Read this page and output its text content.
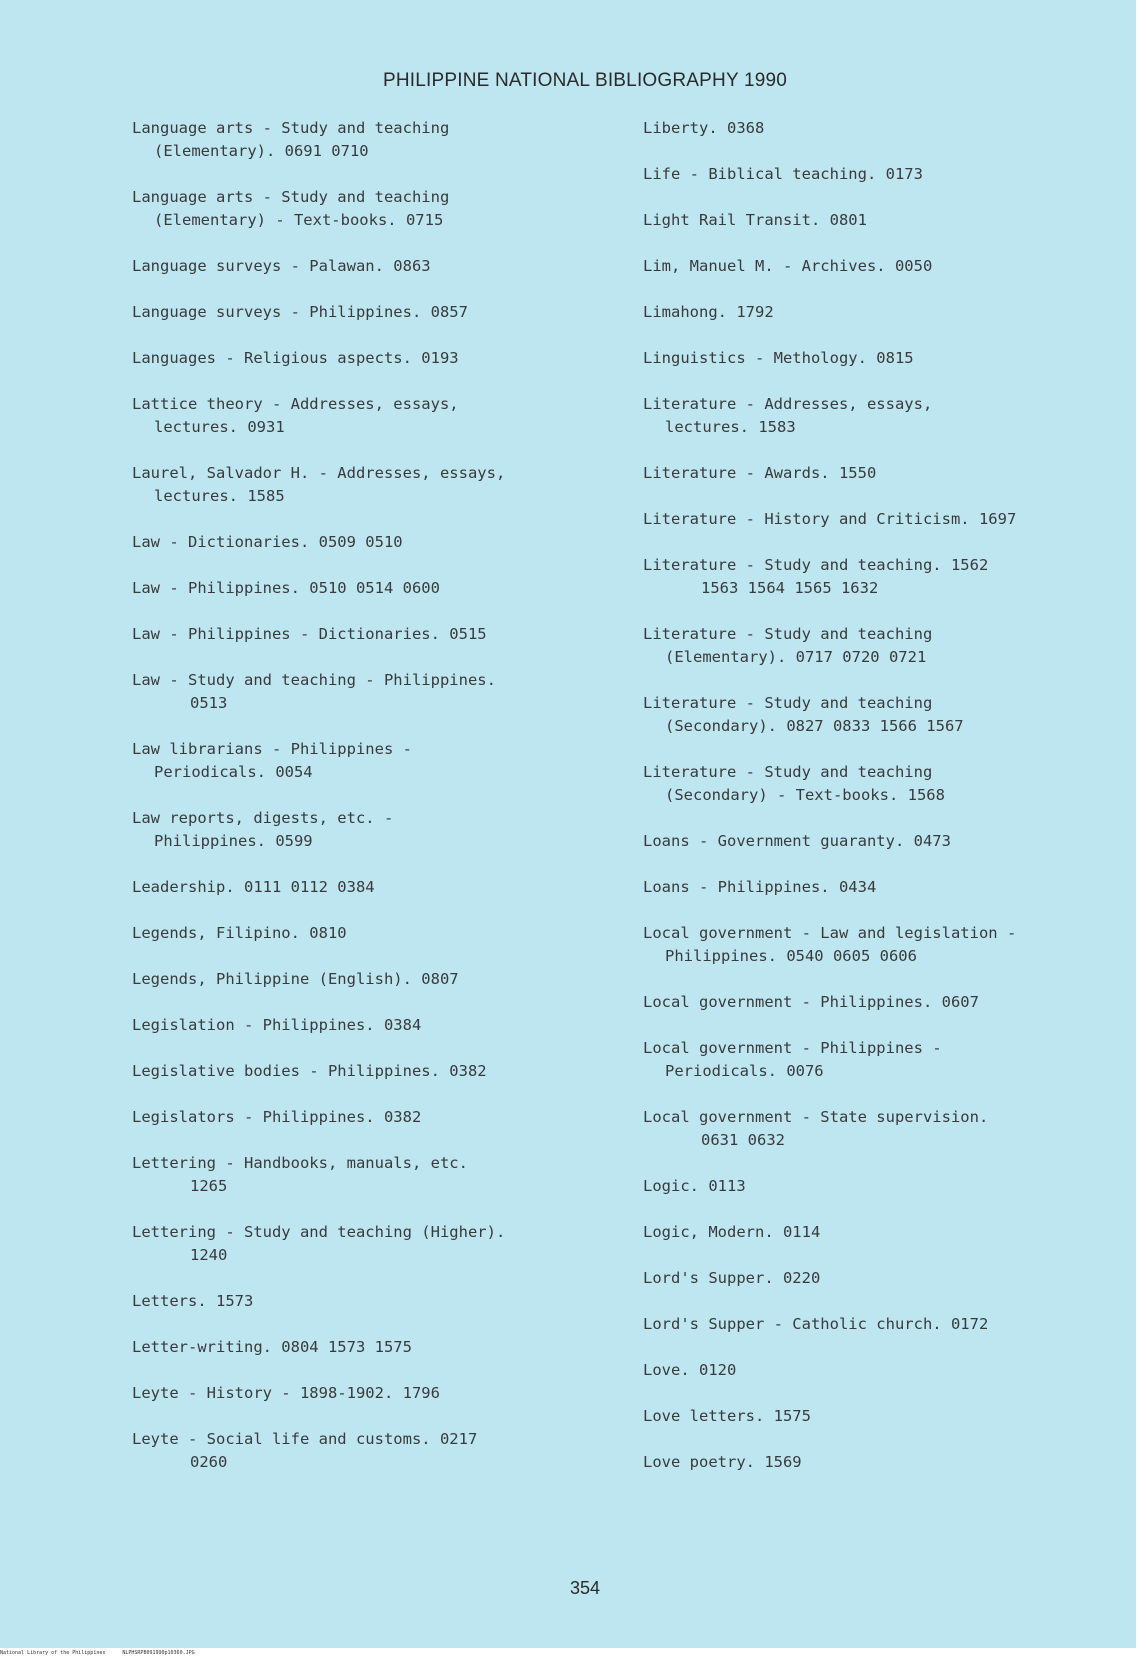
PHILIPPINE NATIONAL BIBLIOGRAPHY 1990
Language arts - Study and teaching
(Elementary). 0691 0710
Language arts - Study and teaching
(Elementary) - Text-books. 0715
Language surveys - Palawan. 0863
Language surveys - Philippines. 0857
Languages - Religious aspects. 0193
Lattice theory - Addresses, essays,
lectures. 0931
Laurel, Salvador H. - Addresses, essays,
lectures. 1585
Law - Dictionaries. 0509 0510
Law - Philippines. 0510 0514 0600
Law - Philippines - Dictionaries. 0515
Law - Study and teaching - Philippines.
0513
Law librarians - Philippines -
Periodicals. 0054
Law reports, digests, etc. -
Philippines. 0599
Leadership. 0111 0112 0384
Legends, Filipino. 0810
Legends, Philippine (English). 0807
Legislation - Philippines. 0384
Legislative bodies - Philippines. 0382
Legislators - Philippines. 0382
Lettering - Handbooks, manuals, etc.
1265
Lettering - Study and teaching (Higher).
1240
Letters. 1573
Letter-writing. 0804 1573 1575
Leyte - History - 1898-1902. 1796
Leyte - Social life and customs. 0217
0260
Liberty. 0368
Life - Biblical teaching. 0173
Light Rail Transit. 0801
Lim, Manuel M. - Archives. 0050
Limahong. 1792
Linguistics - Methology. 0815
Literature - Addresses, essays,
lectures. 1583
Literature - Awards. 1550
Literature - History and Criticism. 1697
Literature - Study and teaching. 1562
1563 1564 1565 1632
Literature - Study and teaching
(Elementary). 0717 0720 0721
Literature - Study and teaching
(Secondary). 0827 0833 1566 1567
Literature - Study and teaching
(Secondary) - Text-books. 1568
Loans - Government guaranty. 0473
Loans - Philippines. 0434
Local government - Law and legislation -
Philippines. 0540 0605 0606
Local government - Philippines. 0607
Local government - Philippines -
Periodicals. 0076
Local government - State supervision.
0631 0632
Logic. 0113
Logic, Modern. 0114
Lord's Supper. 0220
Lord's Supper - Catholic church. 0172
Love. 0120
Love letters. 1575
Love poetry. 1569
354
National Library of the Philippines	NLPHSRPB091990p10360.JPG
